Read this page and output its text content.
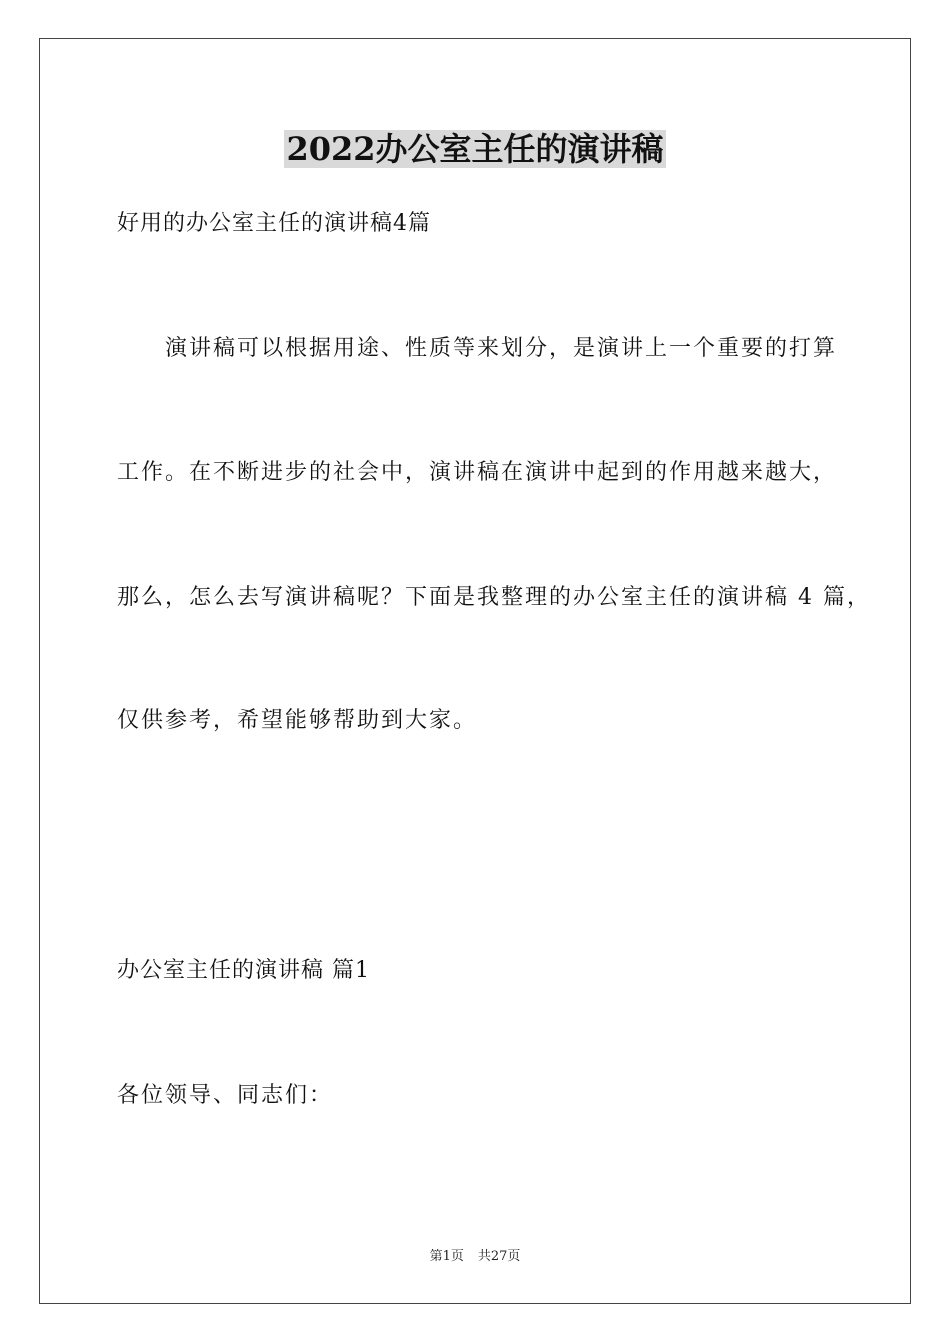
2022办公室主任的演讲稿
好用的办公室主任的演讲稿4篇
演讲稿可以根据用途、性质等来划分，是演讲上一个重要的打算
工作。在不断进步的社会中，演讲稿在演讲中起到的作用越来越大，
那么，怎么去写演讲稿呢？下面是我整理的办公室主任的演讲稿 4 篇，
仅供参考，希望能够帮助到大家。
办公室主任的演讲稿 篇1
各位领导、同志们：
第1页 共27页
